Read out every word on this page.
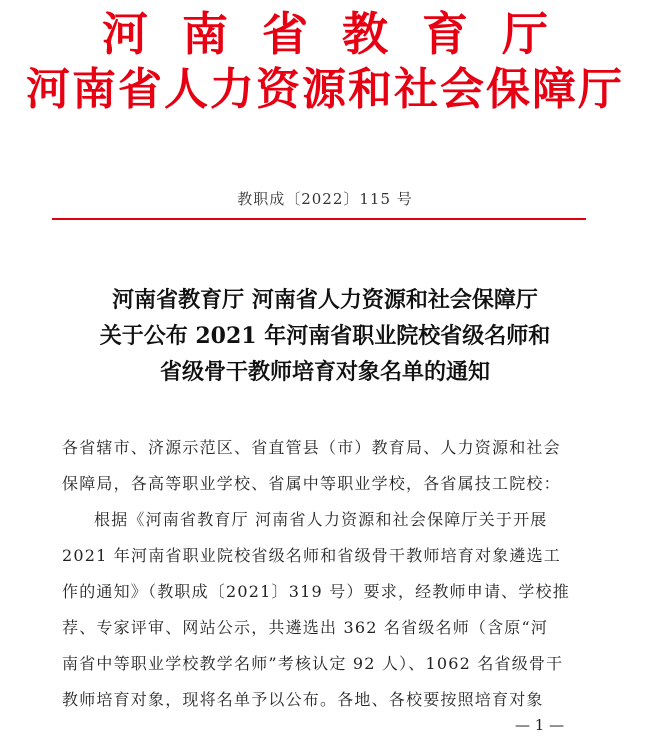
河南省教育厅
河南省人力资源和社会保障厅
教职成〔2022〕115 号
河南省教育厅 河南省人力资源和社会保障厅
关于公布 2021 年河南省职业院校省级名师和
省级骨干教师培育对象名单的通知
各省辖市、济源示范区、省直管县（市）教育局、人力资源和社会
保障局，各高等职业学校、省属中等职业学校，各省属技工院校：
根据《河南省教育厅 河南省人力资源和社会保障厅关于开展
2021 年河南省职业院校省级名师和省级骨干教师培育对象遴选工
作的通知》（教职成〔2021〕319 号）要求，经教师申请、学校推
荐、专家评审、网站公示，共遴选出 362 名省级名师（含原“河
南省中等职业学校教学名师”考核认定 92 人）、1062 名省级骨干
教师培育对象，现将名单予以公布。各地、各校要按照培育对象
— 1 —
